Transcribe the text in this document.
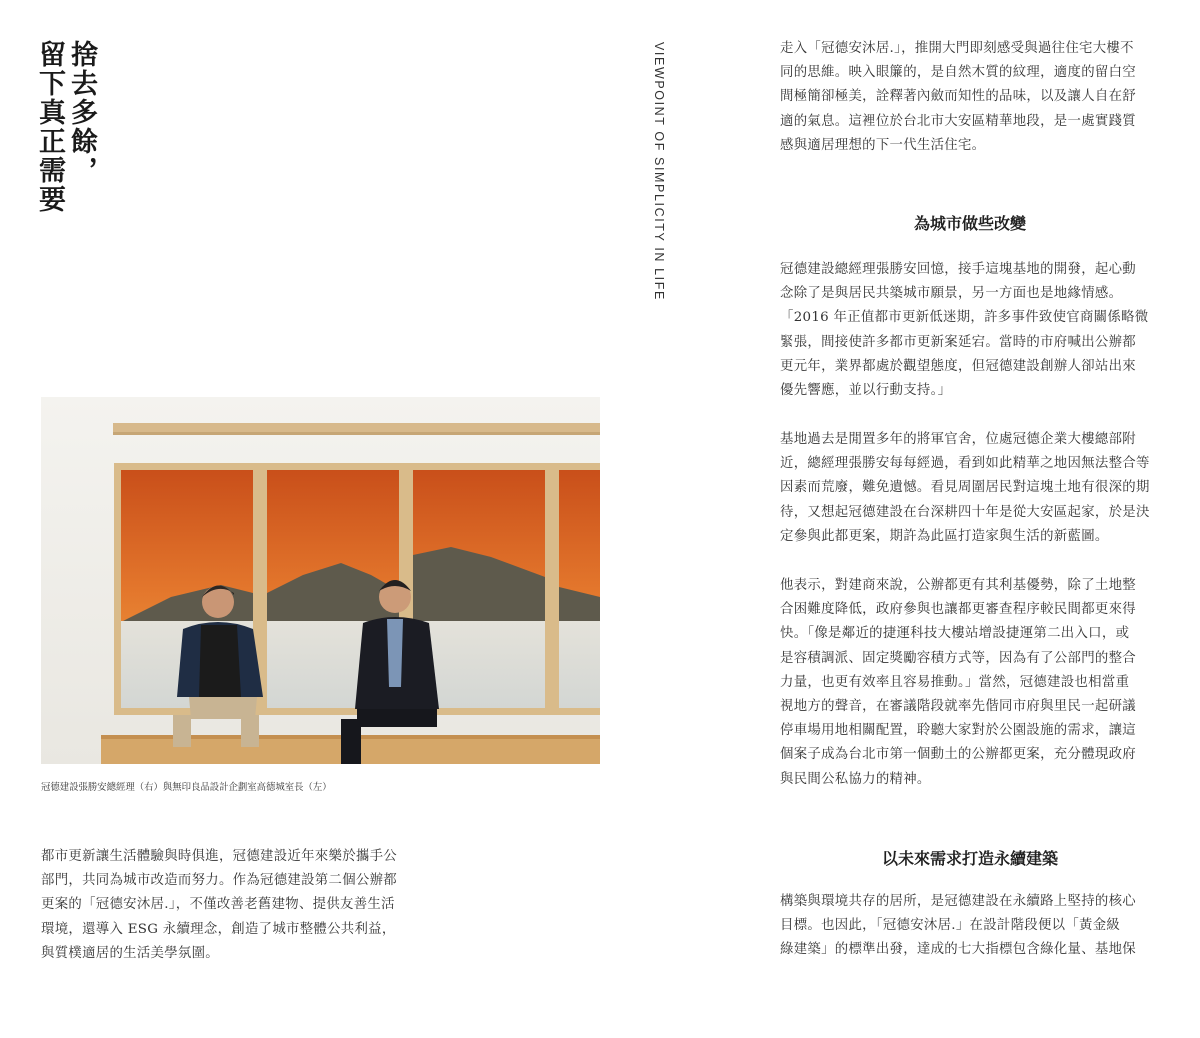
捨去多餘，
留下真正需要	VIEWPOINT OF SIMPLICITY IN LIFE
冠德建設張勝安總經理（右）與無印良品設計企劃室高德城室長（左）
都市更新讓生活體驗與時俱進，冠德建設近年來樂於攜手公
部門，共同為城市改造而努力。作為冠德建設第二個公辦都
更案的「冠德安沐居.」，不僅改善老舊建物、提供友善生活
環境，還導入 ESG 永續理念，創造了城市整體公共利益，
與質樸適居的生活美學氛圍。
走入「冠德安沐居.」，推開大門即刻感受與過往住宅大樓不
同的思維。映入眼簾的，是自然木質的紋理，適度的留白空
間極簡卻極美，詮釋著內斂而知性的品味，以及讓人自在舒
適的氣息。這裡位於台北市大安區精華地段，是一處實踐質
感與適居理想的下一代生活住宅。
為城市做些改變
冠德建設總經理張勝安回憶，接手這塊基地的開發，起心動
念除了是與居民共築城市願景，另一方面也是地緣情感。
「2016 年正值都市更新低迷期，許多事件致使官商關係略微
緊張，間接使許多都市更新案延宕。當時的市府喊出公辦都
更元年，業界都處於觀望態度，但冠德建設創辦人卻站出來
優先響應，並以行動支持。」
基地過去是閒置多年的將軍官舍，位處冠德企業大樓總部附
近，總經理張勝安每每經過，看到如此精華之地因無法整合等
因素而荒廢，難免遺憾。看見周圍居民對這塊土地有很深的期
待，又想起冠德建設在台深耕四十年是從大安區起家，於是決
定參與此都更案，期許為此區打造家與生活的新藍圖。
他表示，對建商來說，公辦都更有其利基優勢，除了土地整
合困難度降低，政府參與也讓都更審查程序較民間都更來得
快。「像是鄰近的捷運科技大樓站增設捷運第二出入口，或
是容積調派、固定獎勵容積方式等，因為有了公部門的整合
力量，也更有效率且容易推動。」當然，冠德建設也相當重
視地方的聲音，在審議階段就率先偕同市府與里民一起研議
停車場用地相關配置，聆聽大家對於公園設施的需求，讓這
個案子成為台北市第一個動土的公辦都更案，充分體現政府
與民間公私協力的精神。
以未來需求打造永續建築
構築與環境共存的居所，是冠德建設在永續路上堅持的核心
目標。也因此，「冠德安沐居.」在設計階段便以「黃金級
綠建築」的標準出發，達成的七大指標包含綠化量、基地保
